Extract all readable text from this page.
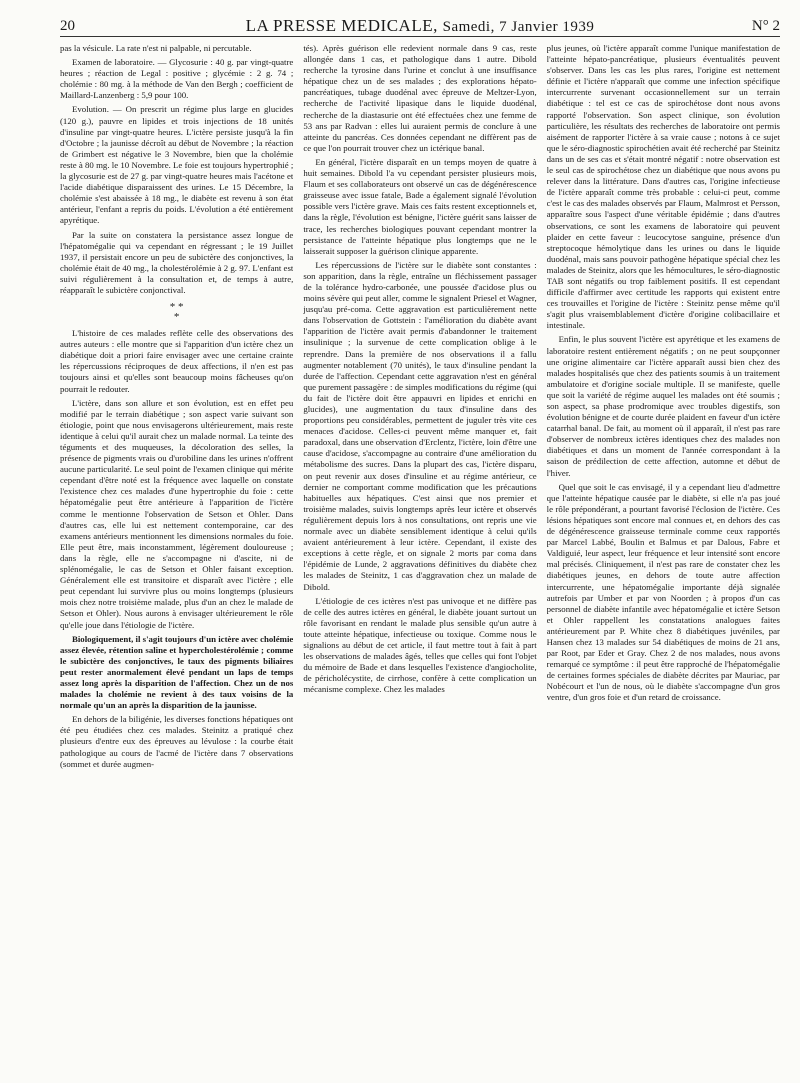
20	LA PRESSE MEDICALE, Samedi, 7 Janvier 1939	N° 2

pas la vésicule. La rate n'est ni palpable, ni percutable.

Examen de laboratoire. — Glycosurie : 40 g. par vingt-quatre heures ; réaction de Legal : positive ; glycémie : 2 g. 74 ; cholémie : 80 mg. à la méthode de Van den Bergh ; coefficient de Maillard-Lanzenberg : 5,9 pour 100.

Evolution. — On prescrit un régime plus large en glucides (120 g.), pauvre en lipides et trois injections de 18 unités d'insuline par vingt-quatre heures. L'ictère persiste jusqu'à la fin d'Octobre ; la jaunisse décroît au début de Novembre ; la réaction de Grimbert est négative le 3 Novembre, bien que la cholémie reste à 80 mg. le 10 Novembre. Le foie est toujours hypertrophié ; la glycosurie est de 27 g. par vingt-quatre heures mais l'acétone et l'acide diabétique disparaissent des urines. Le 15 Décembre, la cholémie s'est abaissée à 18 mg., le diabète est revenu à son état antérieur, l'enfant a repris du poids. L'évolution a été entièrement apyrétique.

Par la suite on constatera la persistance assez longue de l'hépatomégalie qui va cependant en régressant ; le 19 Juillet 1937, il persistait encore un peu de subictère des conjonctives, la cholémie était de 40 mg., la cholestérolémie à 2 g. 97. L'enfant est suivi régulièrement à la consultation et, de temps à autre, réapparaît le subictère conjonctival.

* *
*

L'histoire de ces malades reflète celle des observations des autres auteurs : elle montre que si l'apparition d'un ictère chez un diabétique doit a priori faire envisager avec une certaine crainte les répercussions réciproques de deux affections, il n'en est pas toujours ainsi et qu'elles sont beaucoup moins fâcheuses qu'on pourrait le redouter.

L'ictère, dans son allure et son évolution, est en effet peu modifié par le terrain diabétique ; son aspect varie suivant son étiologie, point que nous envisagerons ultérieurement, mais reste identique à celui qu'il aurait chez un malade normal. La teinte des téguments et des muqueuses, la décoloration des selles, la présence de pigments vrais ou d'urobiline dans les urines n'offrent aucune particularité. Le seul point de l'examen clinique qui mérite cependant d'être noté est la fréquence avec laquelle on constate l'existence chez ces malades d'une hypertrophie du foie : cette hépatomégalie peut être antérieure à l'apparition de l'ictère comme le mentionne l'observation de Setson et Ohler. Dans d'autres cas, elle lui est nettement contemporaine, car des examens antérieurs mentionnent les dimensions normales du foie. Elle peut être, mais inconstamment, légèrement douloureuse ; dans la règle, elle ne s'accompagne ni d'ascite, ni de splénomégalie, le cas de Setson et Ohler faisant exception. Généralement elle est transitoire et disparaît avec l'ictère ; elle peut cependant lui survivre plus ou moins longtemps (plusieurs mois chez notre troisième malade, plus d'un an chez le malade de Setson et Ohler). Nous aurons à envisager ultérieurement le rôle qu'elle joue dans l'étiologie de l'ictère.

Biologiquement, il s'agit toujours d'un ictère avec cholémie assez élevée, rétention saline et hypercholestérolémie ; comme le subictère des conjonctives, le taux des pigments biliaires peut rester anormalement élevé pendant un laps de temps assez long après la disparition de l'affection. Chez un de nos malades la cholémie ne revient à des taux voisins de la normale qu'un an après la disparition de la jaunisse.

En dehors de la biligénie, les diverses fonctions hépatiques ont été peu étudiées chez ces malades. Steinitz a pratiqué chez plusieurs d'entre eux des épreuves au lévulose : la courbe était pathologique au cours de l'acmé de l'ictère dans 7 observations (sommet et durée augmen-

tés). Après guérison elle redevient normale dans 9 cas, reste allongée dans 1 cas, et pathologique dans 1 autre. Dibold recherche la tyrosine dans l'urine et conclut à une insuffisance hépatique chez un de ses malades ; des explorations hépato-pancréatiques, tubage duodénal avec épreuve de Meltzer-Lyon, recherche de l'activité lipasique dans le liquide duodénal, recherche de la diastasurie ont été effectuées chez une femme de 53 ans par Radvan : elles lui auraient permis de conclure à une atteinte du pancréas. Ces données cependant ne diffèrent pas de ce que l'on pourrait trouver chez un ictérique banal.

En général, l'ictère disparaît en un temps moyen de quatre à huit semaines. Dibold l'a vu cependant persister plusieurs mois, Flaum et ses collaborateurs ont observé un cas de dégénérescence graisseuse avec issue fatale, Bade a également signalé l'évolution possible vers l'ictère grave. Mais ces faits restent exceptionnels et, dans la règle, l'évolution est bénigne, l'ictère guérit sans laisser de trace, les recherches biologiques pouvant cependant montrer la persistance de l'atteinte hépatique plus longtemps que ne le laisserait supposer la guérison clinique apparente.

Les répercussions de l'ictère sur le diabète sont constantes : son apparition, dans la règle, entraîne un fléchissement passager de la tolérance hydro-carbonée, une poussée d'acidose plus ou moins sévère qui peut aller, comme le signalent Priesel et Wagner, jusqu'au pré-coma. Cette aggravation est particulièrement nette dans l'observation de Gottstein : l'amélioration du diabète avant l'apparition de l'ictère avait permis d'abandonner le traitement insulinique ; la survenue de cette complication oblige à le reprendre. Dans la première de nos observations il a fallu augmenter notablement (70 unités), le taux d'insuline pendant la durée de l'affection. Cependant cette aggravation n'est en général que purement passagère : de simples modifications du régime (qui du fait de l'ictère doit être appauvri en lipides et enrichi en glucides), une augmentation du taux d'insuline dans des proportions peu considérables, permettent de juguler très vite ces menaces d'acidose. Celles-ci peuvent même manquer et, fait paradoxal, dans une observation d'Erclentz, l'ictère, loin d'être une cause d'acidose, s'accompagne au contraire d'une amélioration du métabolisme des sucres. Dans la plupart des cas, l'ictère disparu, on peut revenir aux doses d'insuline et au régime antérieur, ce dernier ne comportant comme modification que les précautions habituelles aux hépatiques. C'est ainsi que nos premier et troisième malades, suivis longtemps après leur ictère et observés régulièrement depuis lors à nos consultations, ont repris une vie normale avec un diabète sensiblement identique à celui qu'ils avaient antérieurement à leur ictère. Cependant, il existe des exceptions à cette règle, et on signale 2 morts par coma dans l'épidémie de Lunde, 2 aggravations définitives du diabète chez les malades de Steinitz, 1 cas d'aggravation chez un malade de Dibold.

L'étiologie de ces ictères n'est pas univoque et ne diffère pas de celle des autres ictères en général, le diabète jouant surtout un rôle favorisant en rendant le malade plus sensible qu'un autre à toute atteinte hépatique, infectieuse ou toxique. Comme nous le signalions au début de cet article, il faut mettre tout à fait à part les observations de malades âgés, telles que celles qui font l'objet du mémoire de Bade et dans lesquelles l'existence d'angiocholite, de péricholécystite, de cirrhose, confère à cette complication un mécanisme complexe. Chez les malades

plus jeunes, où l'ictère apparaît comme l'unique manifestation de l'atteinte hépato-pancréatique, plusieurs éventualités peuvent s'observer. Dans les cas les plus rares, l'origine est nettement définie et l'ictère n'apparaît que comme une infection spécifique intercurrente survenant occasionnellement sur un terrain diabétique : tel est ce cas de spirochétose dont nous avons rapporté l'observation. Son aspect clinique, son évolution particulière, les résultats des recherches de laboratoire ont permis aisément de rapporter l'ictère à sa vraie cause ; notons à ce sujet que le séro-diagnostic spirochétien avait été recherché par Steinitz dans un de ses cas et s'était montré négatif : notre observation est le seul cas de spirochétose chez un diabétique que nous avons pu relever dans la littérature. Dans d'autres cas, l'origine infectieuse de l'ictère apparaît comme très probable : celui-ci peut, comme c'est le cas des malades observés par Flaum, Malmrost et Persson, apparaître sous l'aspect d'une véritable épidémie ; dans d'autres observations, ce sont les examens de laboratoire qui peuvent plaider en cette faveur : leucocytose sanguine, présence d'un streptocoque hémolytique dans les urines ou dans le liquide duodénal, mais sans pouvoir pathogène hépatique spécial chez les malades de Steinitz, alors que les hémocultures, le séro-diagnostic TAB sont négatifs ou trop faiblement positifs. Il est cependant difficile d'affirmer avec certitude les rapports qui existent entre ces trouvailles et l'origine de l'ictère : Steinitz pense même qu'il s'agit plus vraisemblablement d'ictère d'origine colibacillaire et intestinale.

Enfin, le plus souvent l'ictère est apyrétique et les examens de laboratoire restent entièrement négatifs ; on ne peut soupçonner une origine alimentaire car l'ictère apparaît aussi bien chez des malades hospitalisés que chez des patients soumis à un traitement ambulatoire et d'origine sociale multiple. Il se manifeste, quelle que soit la variété de régime auquel les malades ont été soumis ; son aspect, sa phase prodromique avec troubles digestifs, son évolution bénigne et de courte durée plaident en faveur d'un ictère catarrhal banal. De fait, au moment où il apparaît, il n'est pas rare d'observer de nombreux ictères identiques chez des malades non diabétiques et dans un moment de l'année correspondant à la saison de prédilection de cette affection, automne et début de l'hiver.

Quel que soit le cas envisagé, il y a cependant lieu d'admettre que l'atteinte hépatique causée par le diabète, si elle n'a pas joué le rôle prépondérant, a pourtant favorisé l'éclosion de l'ictère. Ces lésions hépatiques sont encore mal connues et, en dehors des cas de dégénérescence graisseuse terminale comme ceux rapportés par Marcel Labbé, Boulin et Balmus et par Dalous, Fabre et Valdiguié, leur aspect, leur fréquence et leur intensité sont encore mal précisés. Cliniquement, il n'est pas rare de constater chez les diabétiques jeunes, en dehors de toute autre affection intercurrente, une hépatomégalie importante déjà signalée autrefois par Umber et par von Noorden ; à propos d'un cas personnel de diabète infantile avec hépatomégalie et ictère Setson et Ohler rappellent les constatations analogues faites antérieurement par P. White chez 8 diabétiques juvéniles, par Hansen chez 13 malades sur 54 diabétiques de moins de 21 ans, par Root, par Eder et Gray. Chez 2 de nos malades, nous avons remarqué ce symptôme : il peut être rapproché de l'hépatomégalie de certaines formes spéciales de diabète décrites par Mauriac, par Nobécourt et l'un de nous, où le diabète s'accompagne d'un gros ventre, d'un gros foie et d'un retard de croissance.
